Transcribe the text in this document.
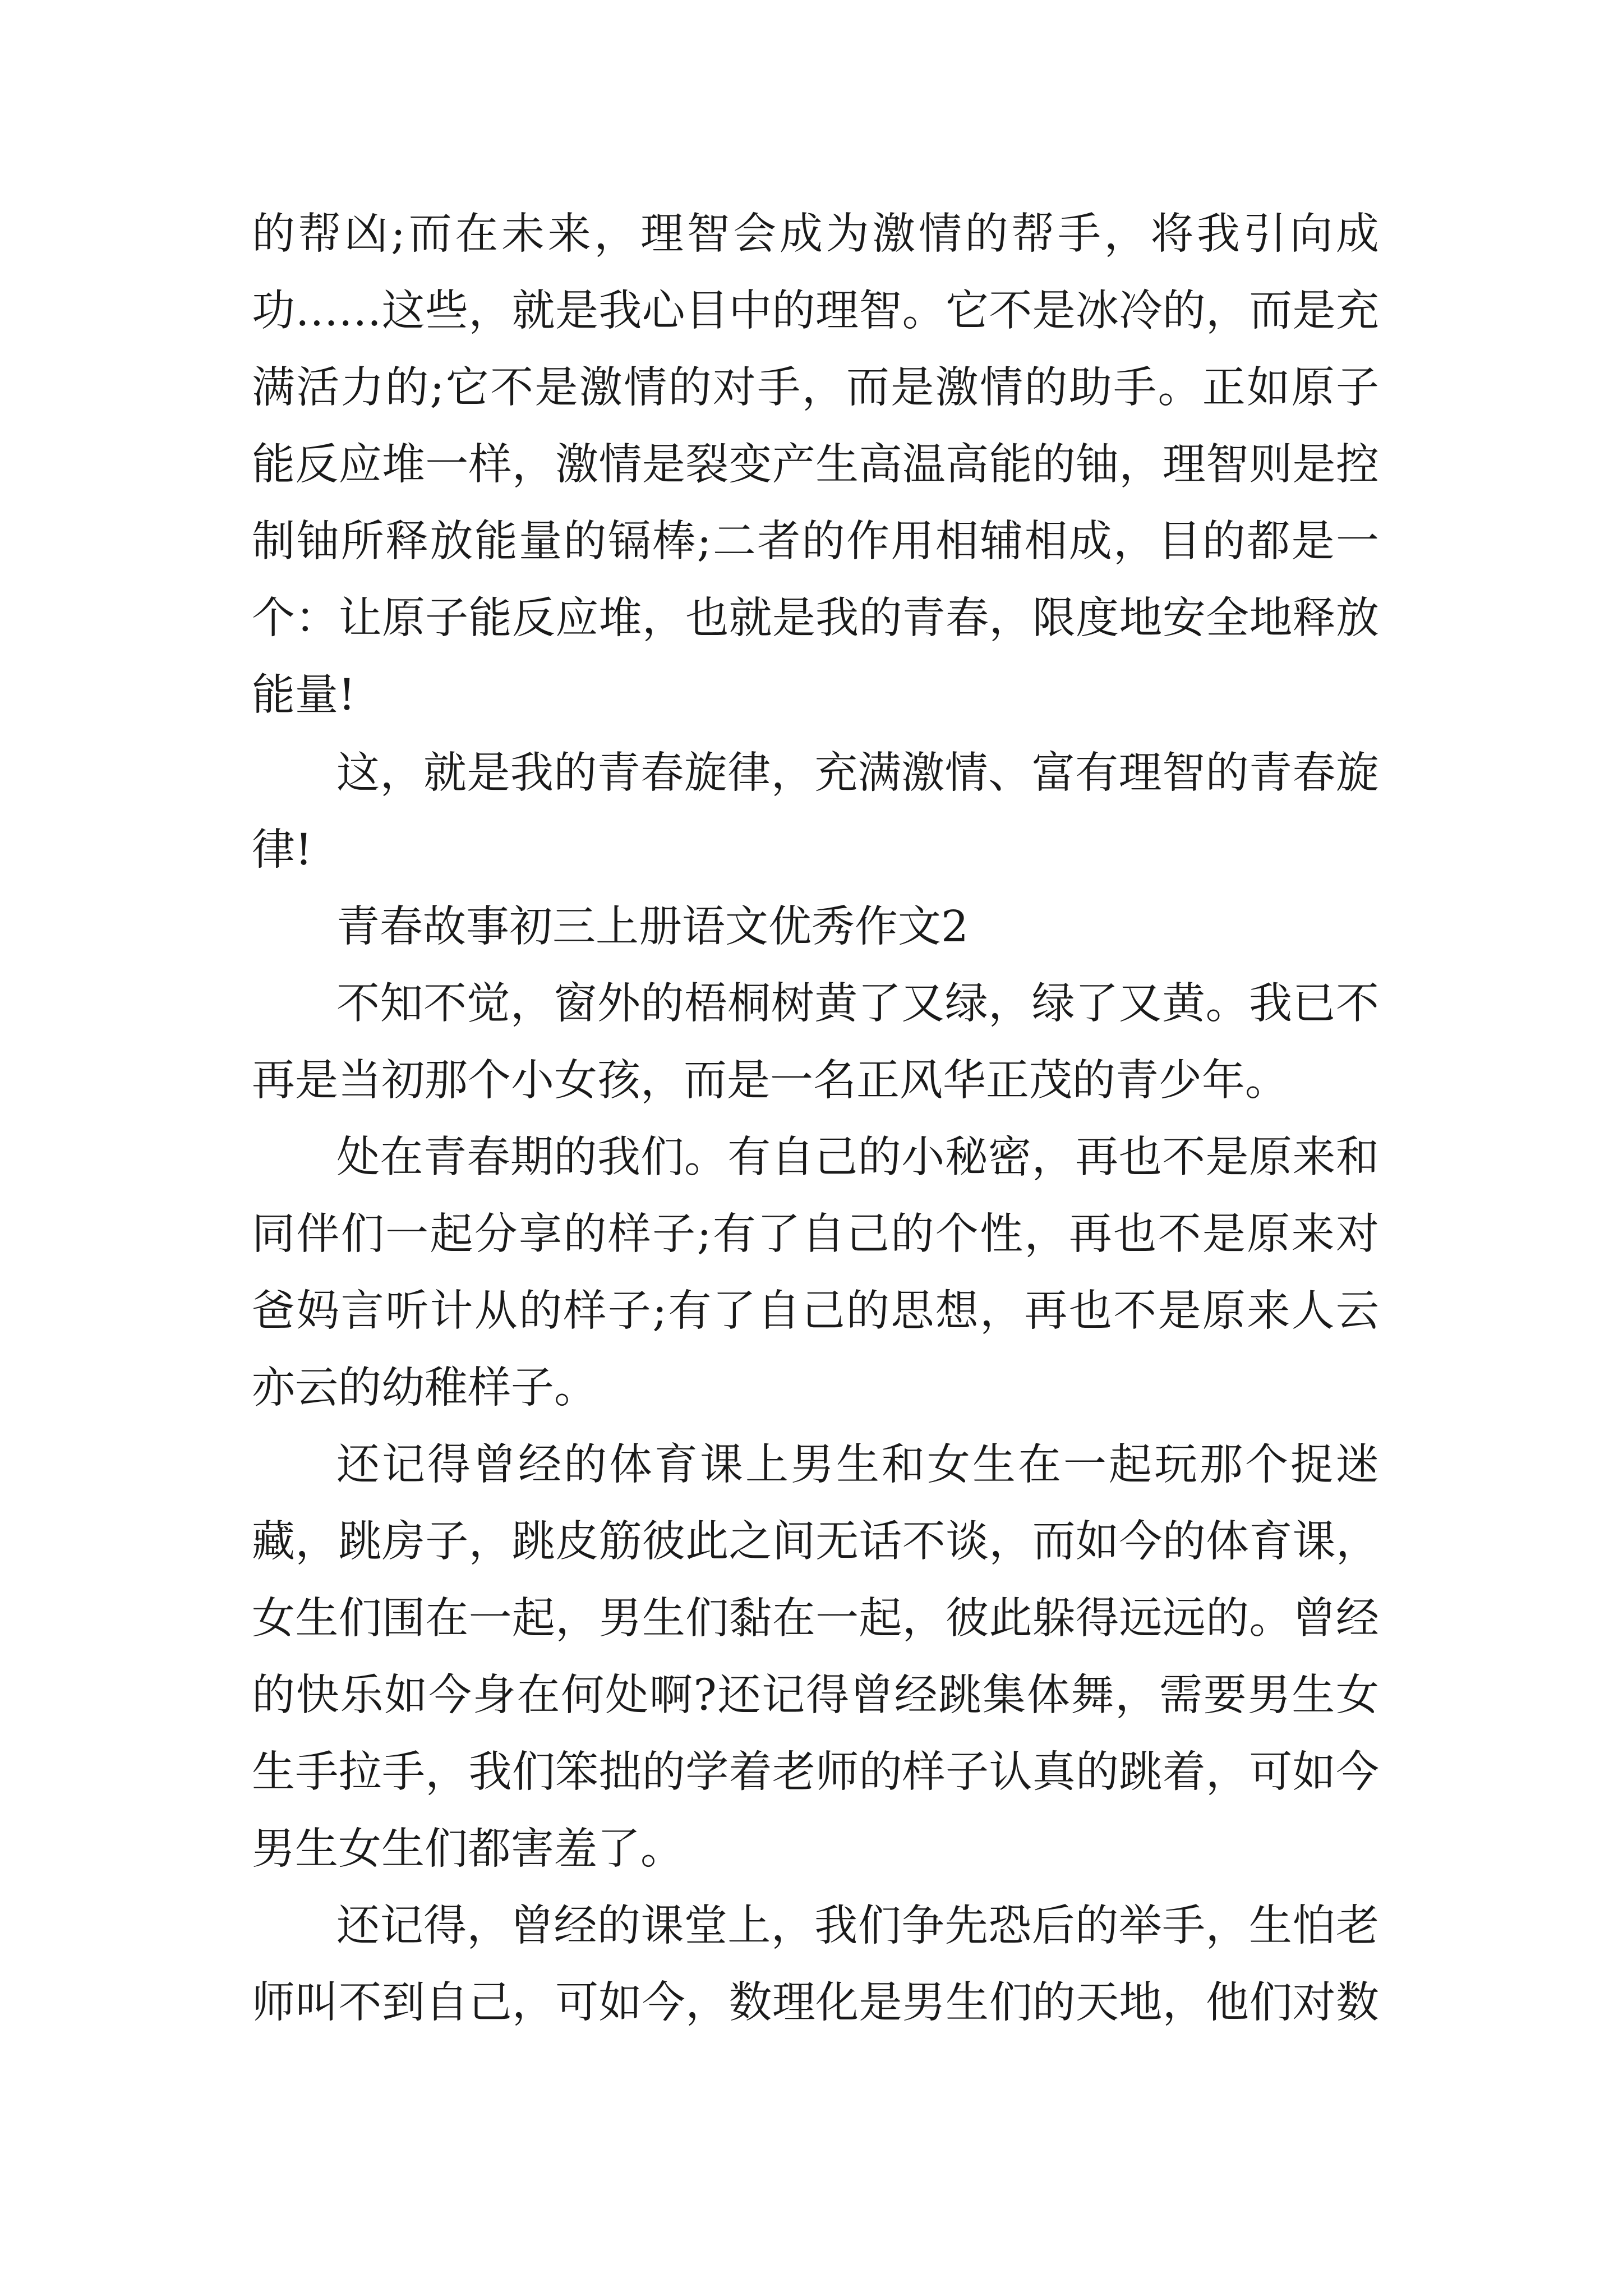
的帮凶;而在未来，理智会成为激情的帮手，将我引向成
功……这些，就是我心目中的理智。它不是冰冷的，而是充
满活力的;它不是激情的对手，而是激情的助手。正如原子
能反应堆一样，激情是裂变产生高温高能的铀，理智则是控
制铀所释放能量的镉棒;二者的作用相辅相成，目的都是一
个：让原子能反应堆，也就是我的青春，限度地安全地释放
能量!
这，就是我的青春旋律，充满激情、富有理智的青春旋
律!
青春故事初三上册语文优秀作文2
不知不觉，窗外的梧桐树黄了又绿，绿了又黄。我已不
再是当初那个小女孩，而是一名正风华正茂的青少年。
处在青春期的我们。有自己的小秘密，再也不是原来和
同伴们一起分享的样子;有了自己的个性，再也不是原来对
爸妈言听计从的样子;有了自己的思想，再也不是原来人云
亦云的幼稚样子。
还记得曾经的体育课上男生和女生在一起玩那个捉迷
藏，跳房子，跳皮筋彼此之间无话不谈，而如今的体育课，
女生们围在一起，男生们黏在一起，彼此躲得远远的。曾经
的快乐如今身在何处啊?还记得曾经跳集体舞，需要男生女
生手拉手，我们笨拙的学着老师的样子认真的跳着，可如今
男生女生们都害羞了。
还记得，曾经的课堂上，我们争先恐后的举手，生怕老
师叫不到自己，可如今，数理化是男生们的天地，他们对数
